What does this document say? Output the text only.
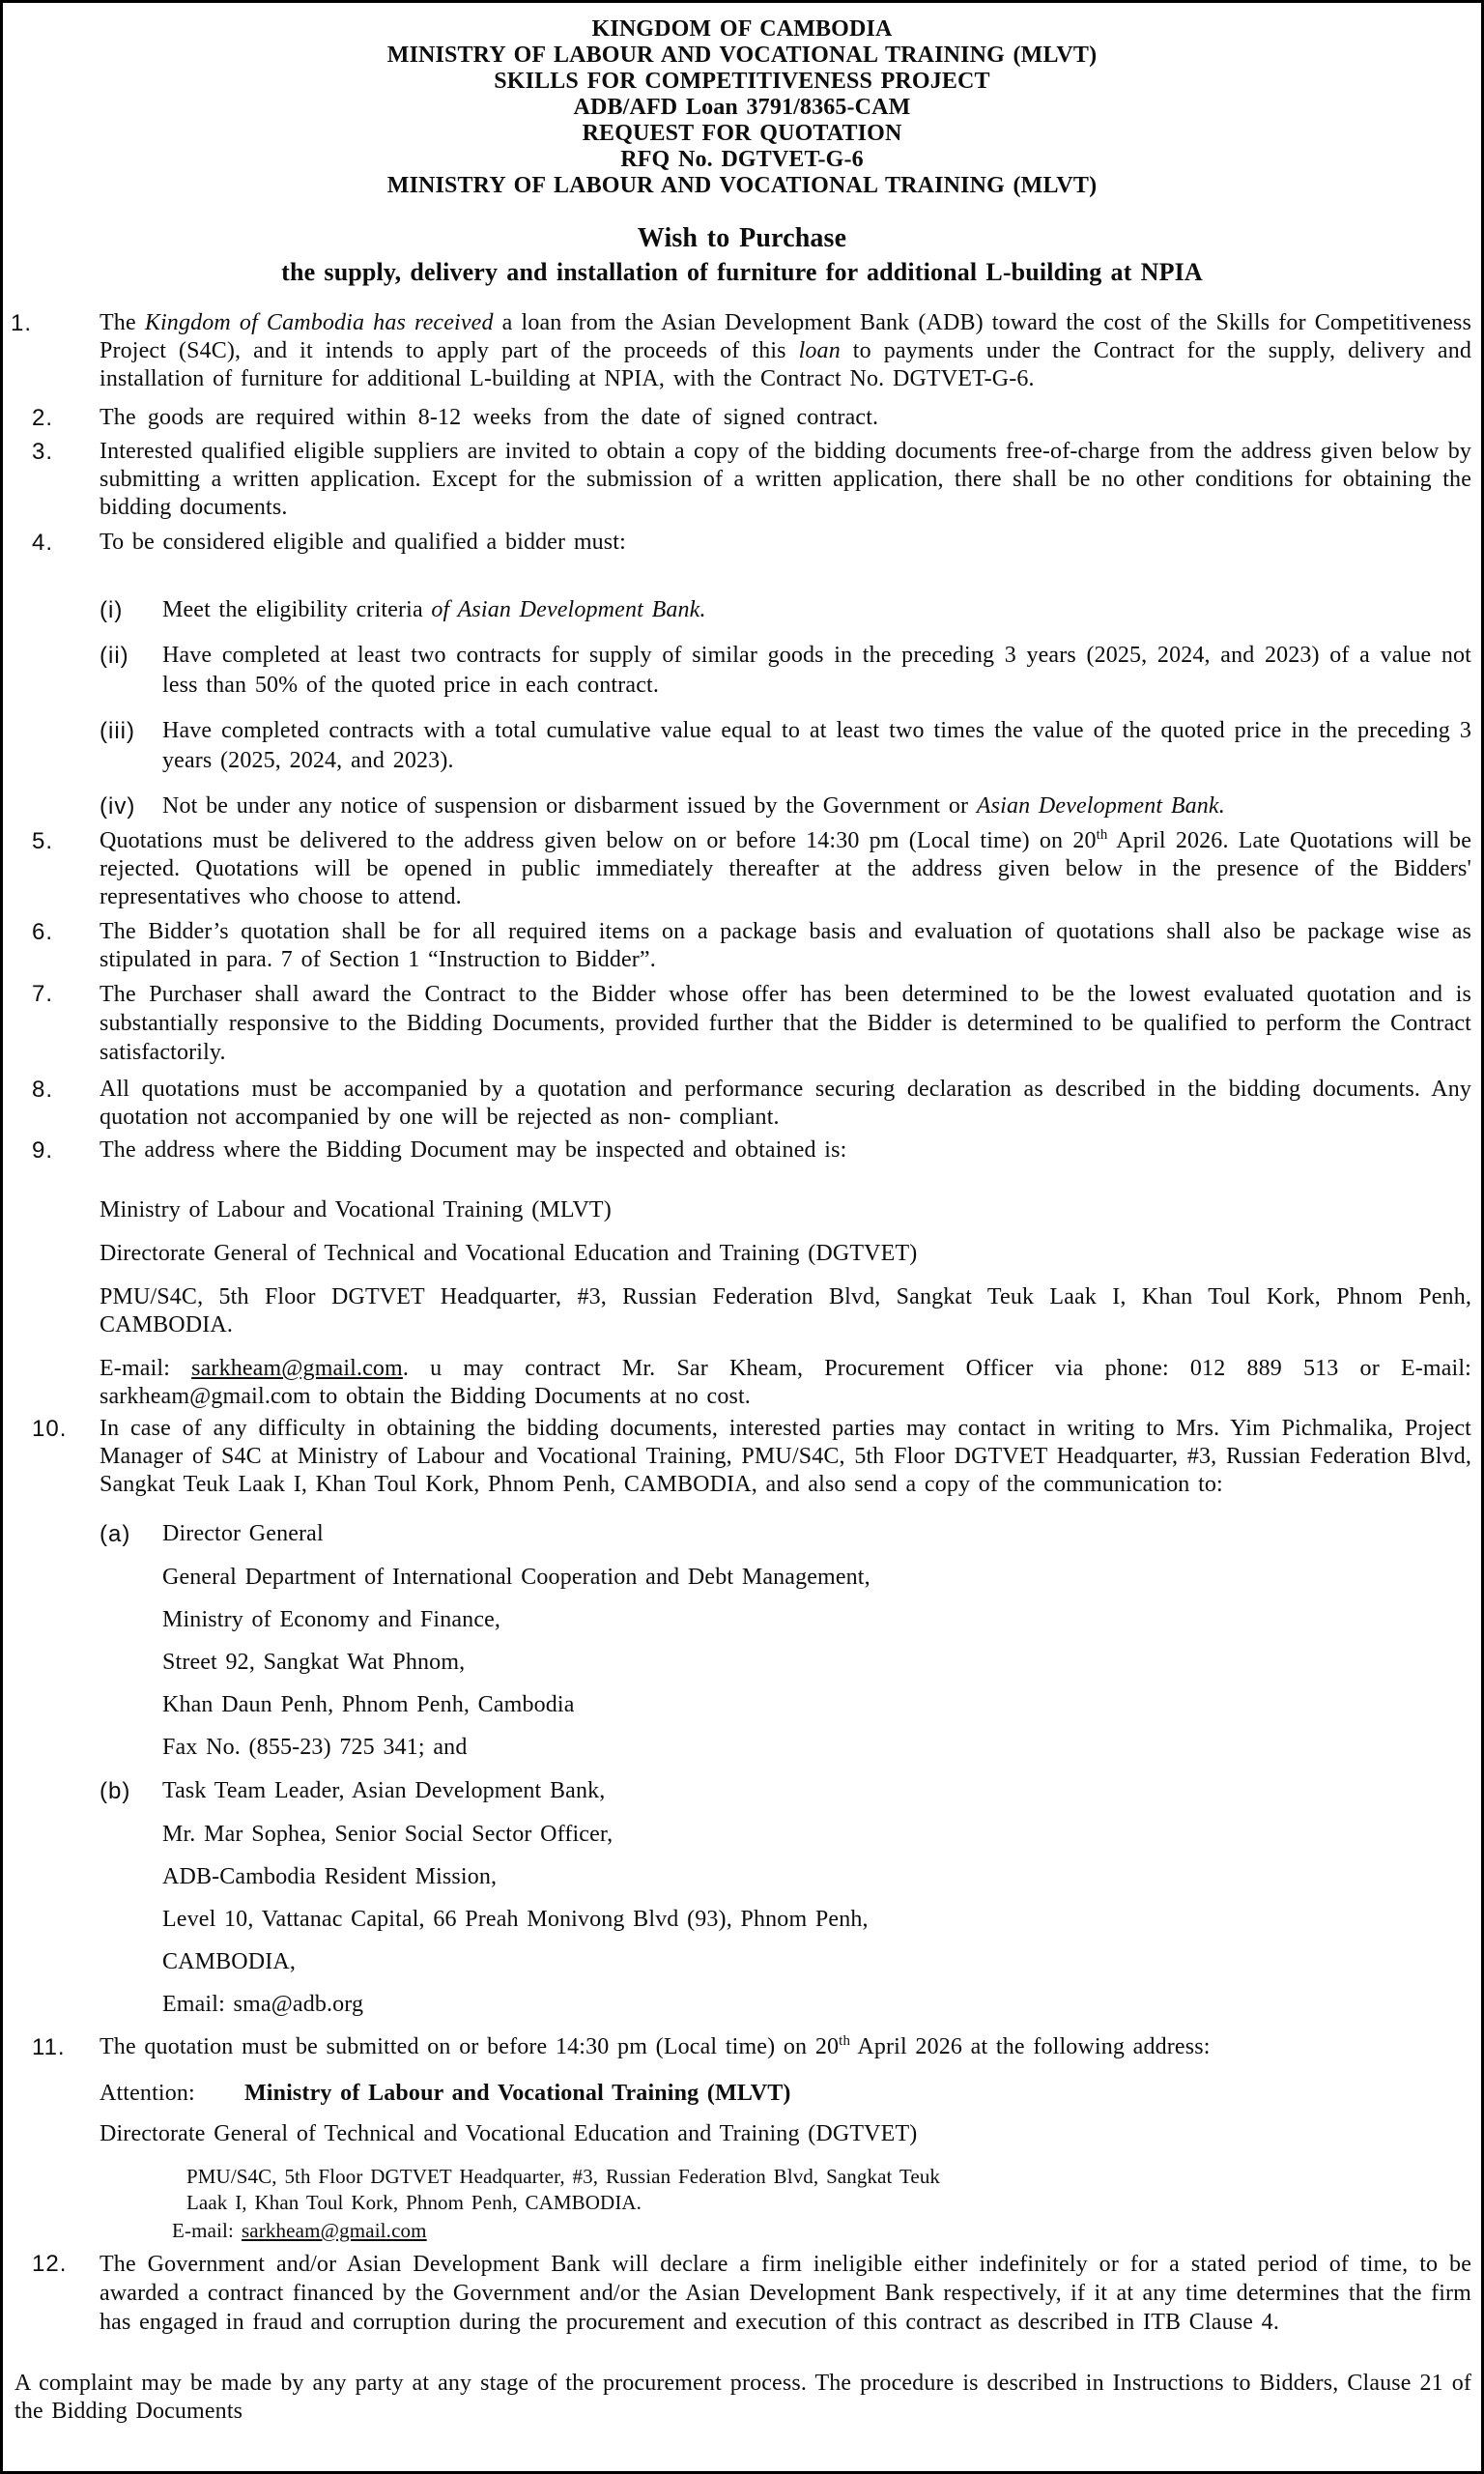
KINGDOM OF CAMBODIA
MINISTRY OF LABOUR AND VOCATIONAL TRAINING (MLVT)
SKILLS FOR COMPETITIVENESS PROJECT
ADB/AFD Loan 3791/8365-CAM
REQUEST FOR QUOTATION
RFQ No. DGTVET-G-6
MINISTRY OF LABOUR AND VOCATIONAL TRAINING (MLVT)
Wish to Purchase
the supply, delivery and installation of furniture for additional L-building at NPIA
1.	The Kingdom of Cambodia has received a loan from the Asian Development Bank (ADB) toward the cost of the Skills for Competitiveness Project (S4C), and it intends to apply part of the proceeds of this loan to payments under the Contract for the supply, delivery and installation of furniture for additional L-building at NPIA, with the Contract No. DGTVET-G-6.
2. The goods are required within 8-12 weeks from the date of signed contract.
3. Interested qualified eligible suppliers are invited to obtain a copy of the bidding documents free-of-charge from the address given below by submitting a written application. Except for the submission of a written application, there shall be no other conditions for obtaining the bidding documents.
4. To be considered eligible and qualified a bidder must:
(i) Meet the eligibility criteria of Asian Development Bank.
(ii) Have completed at least two contracts for supply of similar goods in the preceding 3 years (2025, 2024, and 2023) of a value not less than 50% of the quoted price in each contract.
(iii) Have completed contracts with a total cumulative value equal to at least two times the value of the quoted price in the preceding 3 years (2025, 2024, and 2023).
(iv) Not be under any notice of suspension or disbarment issued by the Government or Asian Development Bank.
5. Quotations must be delivered to the address given below on or before 14:30 pm (Local time) on 20th April 2026. Late Quotations will be rejected. Quotations will be opened in public immediately thereafter at the address given below in the presence of the Bidders' representatives who choose to attend.
6. The Bidder’s quotation shall be for all required items on a package basis and evaluation of quotations shall also be package wise as stipulated in para. 7 of Section 1 “Instruction to Bidder”.
7. The Purchaser shall award the Contract to the Bidder whose offer has been determined to be the lowest evaluated quotation and is substantially responsive to the Bidding Documents, provided further that the Bidder is determined to be qualified to perform the Contract satisfactorily.
8. All quotations must be accompanied by a quotation and performance securing declaration as described in the bidding documents. Any quotation not accompanied by one will be rejected as non- compliant.
9. The address where the Bidding Document may be inspected and obtained is:
Ministry of Labour and Vocational Training (MLVT)
Directorate General of Technical and Vocational Education and Training (DGTVET)
PMU/S4C, 5th Floor DGTVET Headquarter, #3, Russian Federation Blvd, Sangkat Teuk Laak I, Khan Toul Kork, Phnom Penh, CAMBODIA.
E-mail: sarkheam@gmail.com. u may contract Mr. Sar Kheam, Procurement Officer via phone: 012 889 513 or E-mail: sarkheam@gmail.com to obtain the Bidding Documents at no cost.
10. In case of any difficulty in obtaining the bidding documents, interested parties may contact in writing to Mrs. Yim Pichmalika, Project Manager of S4C at Ministry of Labour and Vocational Training, PMU/S4C, 5th Floor DGTVET Headquarter, #3, Russian Federation Blvd, Sangkat Teuk Laak I, Khan Toul Kork, Phnom Penh, CAMBODIA, and also send a copy of the communication to:
(a) Director General
General Department of International Cooperation and Debt Management,
Ministry of Economy and Finance,
Street 92, Sangkat Wat Phnom,
Khan Daun Penh, Phnom Penh, Cambodia
Fax No. (855-23) 725 341; and
(b) Task Team Leader, Asian Development Bank,
Mr. Mar Sophea, Senior Social Sector Officer,
ADB-Cambodia Resident Mission,
Level 10, Vattanac Capital, 66 Preah Monivong Blvd (93), Phnom Penh,
CAMBODIA,
Email: sma@adb.org
11. The quotation must be submitted on or before 14:30 pm (Local time) on 20th April 2026 at the following address:
Attention: Ministry of Labour and Vocational Training (MLVT)
Directorate General of Technical and Vocational Education and Training (DGTVET)
PMU/S4C, 5th Floor DGTVET Headquarter, #3, Russian Federation Blvd, Sangkat Teuk
Laak I, Khan Toul Kork, Phnom Penh, CAMBODIA.
E-mail: sarkheam@gmail.com
12. The Government and/or Asian Development Bank will declare a firm ineligible either indefinitely or for a stated period of time, to be awarded a contract financed by the Government and/or the Asian Development Bank respectively, if it at any time determines that the firm has engaged in fraud and corruption during the procurement and execution of this contract as described in ITB Clause 4.
A complaint may be made by any party at any stage of the procurement process. The procedure is described in Instructions to Bidders, Clause 21 of the Bidding Documents
